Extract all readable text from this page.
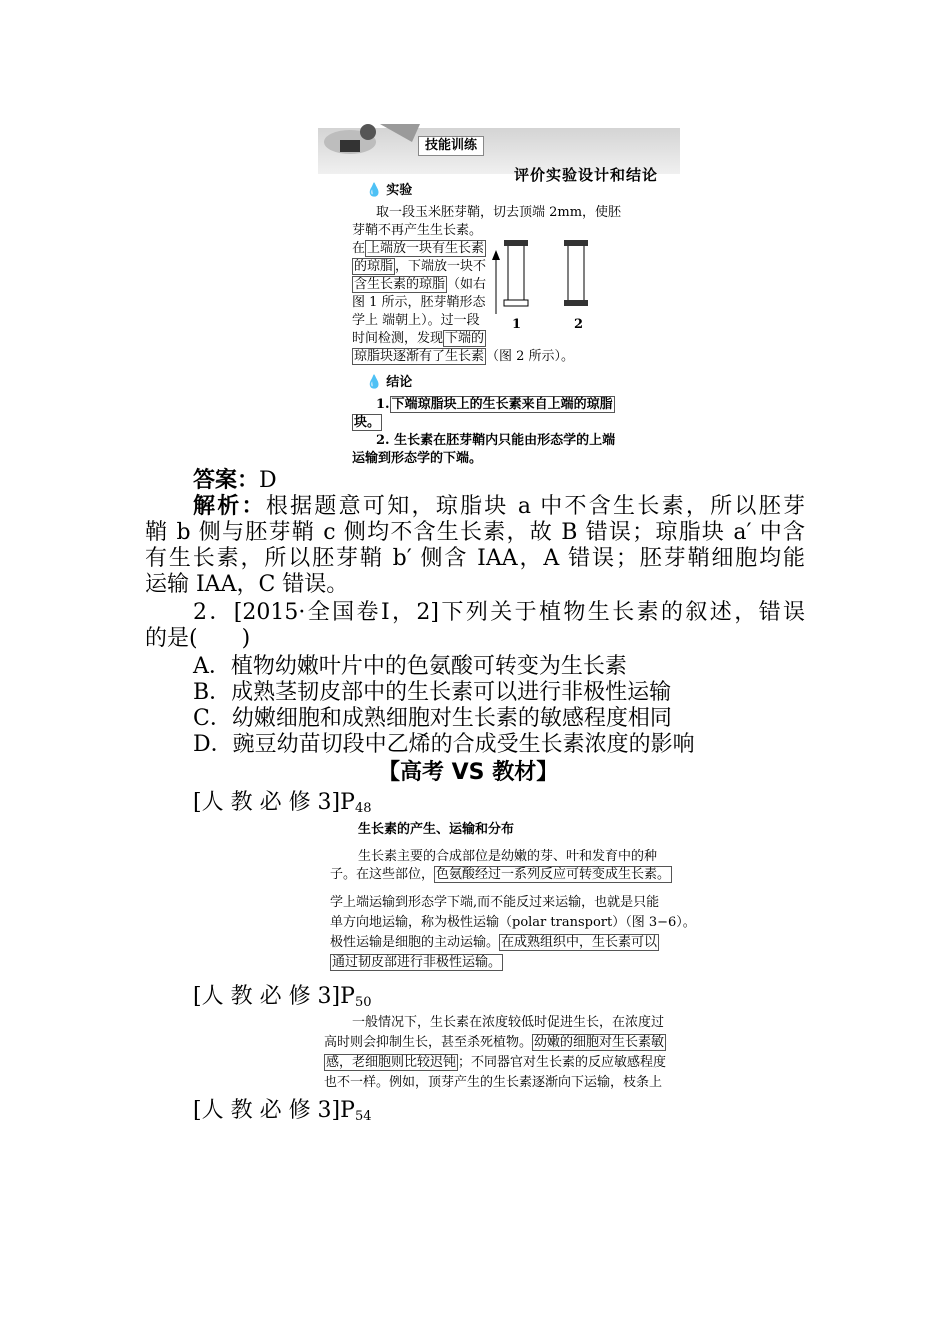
技能训练
评价实验设计和结论
💧 实验
取一段玉米胚芽鞘，切去顶端 2mm，使胚
芽鞘不再产生生长素。
在 上端放一块有生长素
的琼脂 ，下端放一块不
含生长素的琼脂 （如右
图 1 所示，胚芽鞘形态
学上 端朝上）。过一段
时间检测，发现 下端的
琼脂块逐渐有了生长素 （图 2 所示）。
1	2
💧 结论
1. 下端琼脂块上的生长素来自上端的琼脂
块。
2. 生长素在胚芽鞘内只能由形态学的上端
运输到形态学的下端。
答案：D
解析：根据题意可知，琼脂块 a 中不含生长素，所以胚芽
鞘 b 侧与胚芽鞘 c 侧均不含生长素，故 B 错误；琼脂块 a′ 中含
有生长素，所以胚芽鞘 b′ 侧含 IAA，A 错误；胚芽鞘细胞均能
运输 IAA，C 错误。
2．[2015·全国卷Ⅰ，2]下列关于植物生长素的叙述，错误
的是(　　)
A．植物幼嫩叶片中的色氨酸可转变为生长素
B．成熟茎韧皮部中的生长素可以进行非极性运输
C．幼嫩细胞和成熟细胞对生长素的敏感程度相同
D．豌豆幼苗切段中乙烯的合成受生长素浓度的影响
【高考 VS 教材】
[人 教 必 修 $3]P_{48}$
生长素的产生、运输和分布
生长素主要的合成部位是幼嫩的芽、叶和发育中的种
子。在这些部位， 色氨酸经过一系列反应可转变成生长素。
学上端运输到形态学下端,而不能反过来运输，也就是只能
单方向地运输，称为极性运输（polar transport）（图 3−6）。
极性运输是细胞的主动运输。 在成熟组织中，生长素可以
通过韧皮部进行非极性运输。
[人 教 必 修 $3]P_{50}$
一般情况下，生长素在浓度较低时促进生长，在浓度过
高时则会抑制生长，甚至杀死植物。 幼嫩的细胞对生长素敏
感，老细胞则比较迟钝 ；不同器官对生长素的反应敏感程度
也不一样。例如，顶芽产生的生长素逐渐向下运输，枝条上
[人 教 必 修 $3]P_{54}$
